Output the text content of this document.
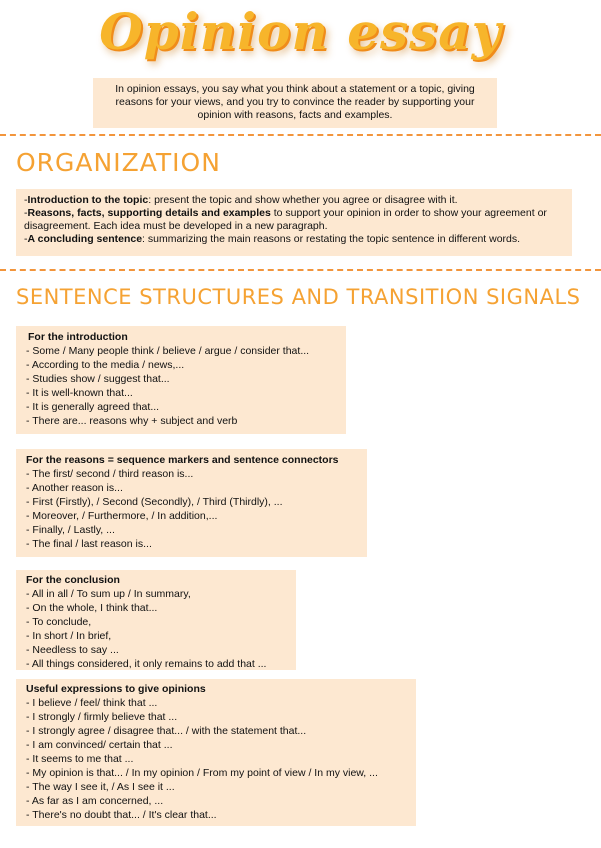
Opinion essay
In opinion essays, you say what you think about a statement or a topic, giving
reasons for your views, and you try to convince the reader by supporting your
opinion with reasons, facts and examples.
ORGANIZATION

-Introduction to the topic: present the topic and show whether you agree or disagree with it.

-Reasons, facts, supporting details and examples to support your opinion in order to show your agreement or disagreement. Each idea must be developed in a new paragraph.

-A concluding sentence: summarizing the main reasons or restating the topic sentence in different words.

SENTENCE STRUCTURES AND TRANSITION SIGNALS
For the introduction
- Some / Many people think / believe / argue / consider that...
- According to the media / news,...
- Studies show / suggest that...
- It is well-known that...
- It is generally agreed that...
- There are... reasons why + subject and verb
For the reasons = sequence markers and sentence connectors
- The first/ second / third reason is...
- Another reason is...
- First (Firstly), / Second (Secondly), / Third (Thirdly), ...
- Moreover, / Furthermore, / In addition,...
- Finally, / Lastly, ...
- The final / last reason is...
For the conclusion
- All in all / To sum up / In summary,
- On the whole, I think that...
- To conclude,
- In short / In brief,
- Needless to say ...
- All things considered, it only remains to add that ...
Useful expressions to give opinions
- I believe / feel/ think that ...
- I strongly / firmly believe that ...
- I strongly agree / disagree that... / with the statement that...
- I am convinced/ certain that ...
- It seems to me that ...
- My opinion is that... / In my opinion / From my point of view / In my view, ...
- The way I see it, / As I see it ...
- As far as I am concerned, ...
- There's no doubt that... / It's clear that...
